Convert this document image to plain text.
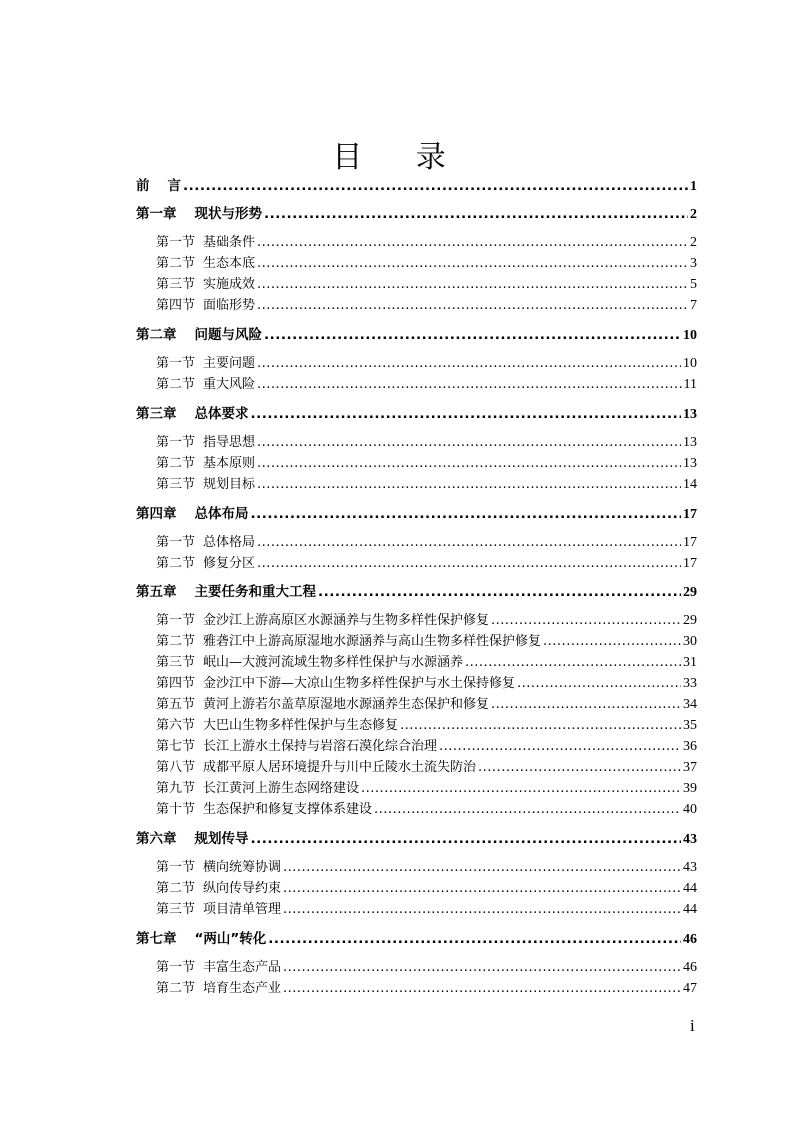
目 录
前 言 .....	1
第一章 现状与形势 .....	2
第一节 基础条件 .....	2
第二节 生态本底 .....	3
第三节 实施成效 .....	5
第四节 面临形势 .....	7
第二章 问题与风险 .....	10
第一节 主要问题 .....	10
第二节 重大风险 .....	11
第三章 总体要求 .....	13
第一节 指导思想 .....	13
第二节 基本原则 .....	13
第三节 规划目标 .....	14
第四章 总体布局 .....	17
第一节 总体格局 .....	17
第二节 修复分区 .....	17
第五章 主要任务和重大工程 .....	29
第一节 金沙江上游高原区水源涵养与生物多样性保护修复 .....	29
第二节 雅砻江中上游高原湿地水源涵养与高山生物多样性保护修复 .....	30
第三节 岷山—大渡河流域生物多样性保护与水源涵养 .....	31
第四节 金沙江中下游—大凉山生物多样性保护与水土保持修复 .....	33
第五节 黄河上游若尔盖草原湿地水源涵养生态保护和修复 .....	34
第六节 大巴山生物多样性保护与生态修复 .....	35
第七节 长江上游水土保持与岩溶石漠化综合治理 .....	36
第八节 成都平原人居环境提升与川中丘陵水土流失防治 .....	37
第九节 长江黄河上游生态网络建设 .....	39
第十节 生态保护和修复支撑体系建设 .....	40
第六章 规划传导 .....	43
第一节 横向统筹协调 .....	43
第二节 纵向传导约束 .....	44
第三节 项目清单管理 .....	44
第七章 “两山”转化 .....	46
第一节 丰富生态产品 .....	46
第二节 培育生态产业 .....	47
i
